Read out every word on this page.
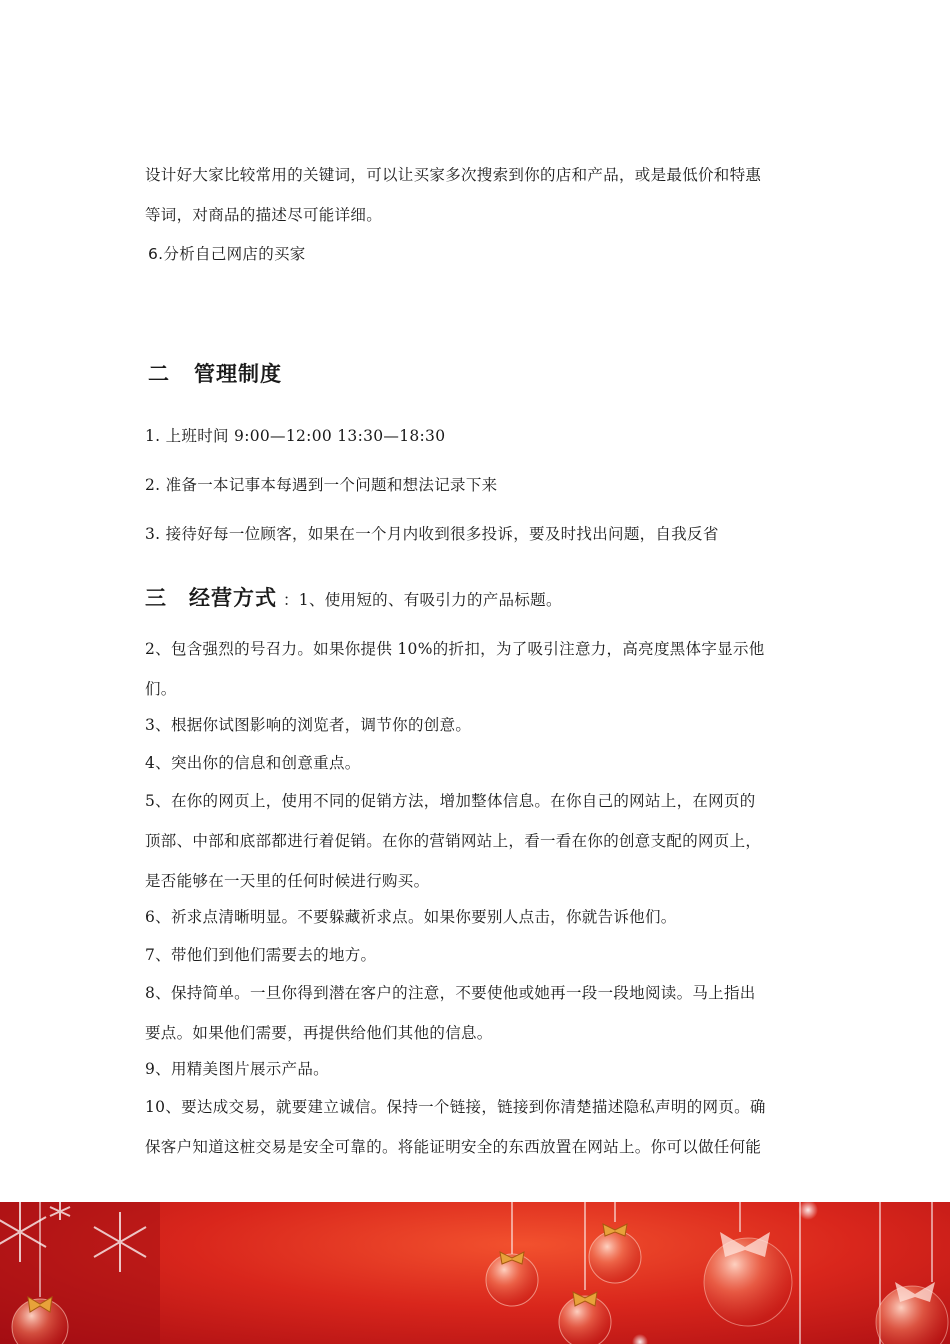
设计好大家比较常用的关键词，可以让买家多次搜索到你的店和产品，或是最低价和特惠
等词，对商品的描述尽可能详细。
6.分析自己网店的买家
二 管理制度
1. 上班时间 9:00—12:00 13:30—18:30
2. 准备一本记事本每遇到一个问题和想法记录下来
3. 接待好每一位顾客，如果在一个月内收到很多投诉，要及时找出问题，自我反省
三 经营方式 ：1、使用短的、有吸引力的产品标题。
2、包含强烈的号召力。如果你提供 10%的折扣，为了吸引注意力，高亮度黑体字显示他
们。
3、根据你试图影响的浏览者，调节你的创意。
4、突出你的信息和创意重点。
5、在你的网页上，使用不同的促销方法，增加整体信息。在你自己的网站上，在网页的
顶部、中部和底部都进行着促销。在你的营销网站上，看一看在你的创意支配的网页上，
是否能够在一天里的任何时候进行购买。
6、祈求点清晰明显。不要躲藏祈求点。如果你要别人点击，你就告诉他们。
7、带他们到他们需要去的地方。
8、保持简单。一旦你得到潜在客户的注意，不要使他或她再一段一段地阅读。马上指出
要点。如果他们需要，再提供给他们其他的信息。
9、用精美图片展示产品。
10、要达成交易，就要建立诚信。保持一个链接，链接到你清楚描述隐私声明的网页。确
保客户知道这桩交易是安全可靠的。将能证明安全的东西放置在网站上。你可以做任何能
